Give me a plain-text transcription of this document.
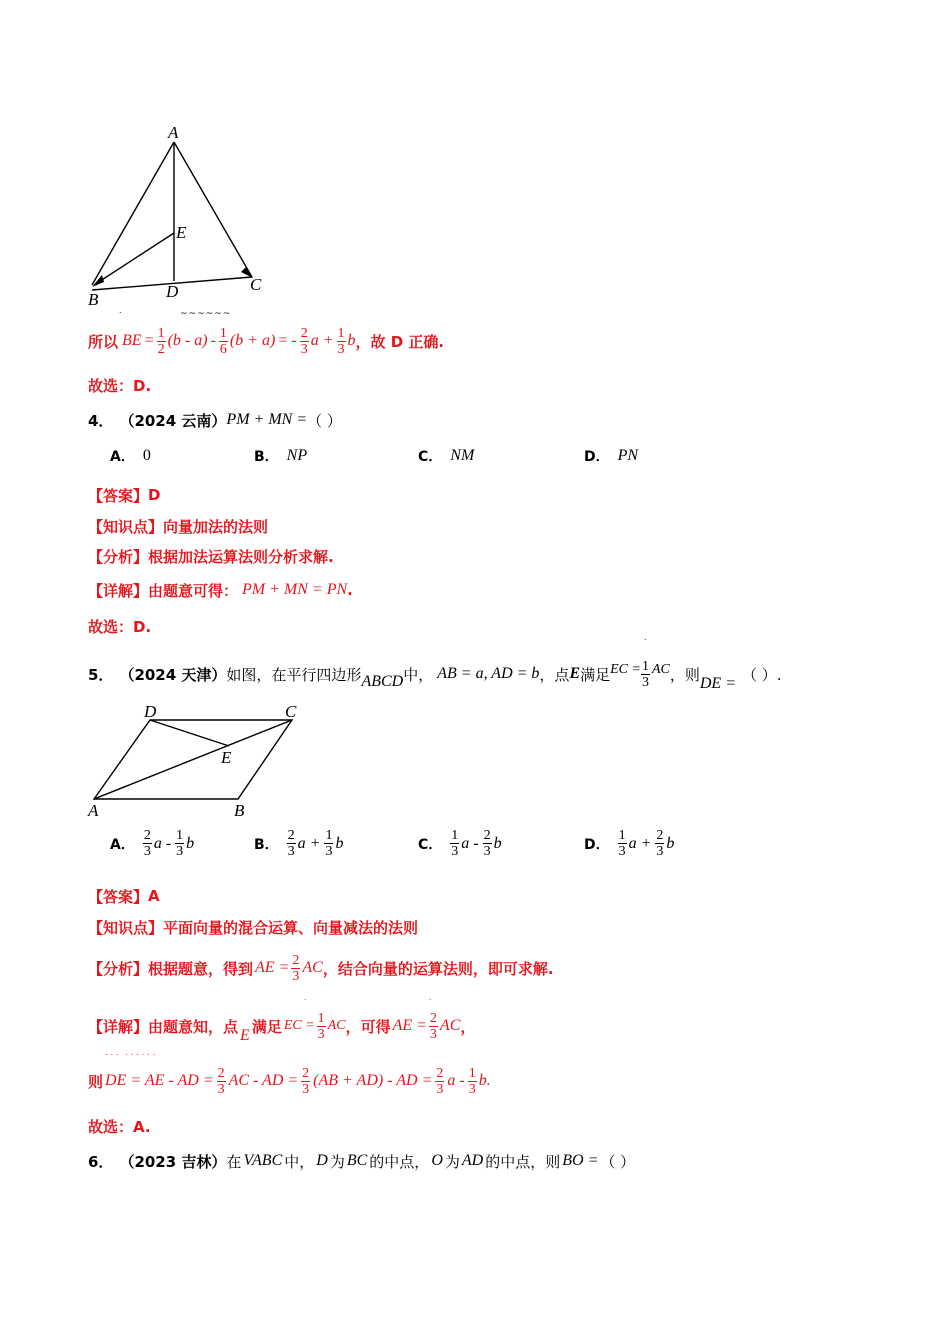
A
E
B	D	C
˙	~~~~~~
所以 BE = $\frac{1}{2} (b - a) - \frac{1}{6} (b + a)$ = - $\frac{2}{3}$ $a + \frac{1}{3}$ b ，故 D 正确.
故选：D.
4． （2024 云南） PM + MN = （ ）
A． 0	B． NP	C． NM	D． PN
【答案】 D
【知识点】 向量加法的法则
【分析】 根据加法运算法则分析求解.
【详解】 由题意可得： PM + MN = PN .
故选：D.
˙
5． （2024 天津） 如图，在平行四边形 ABCD 中， AB = a, AD = b ，点 E 满足 EC = $\frac{1}{3}$ AC ，则 DE = （ ）.
D	C
E
A	B
A． $\frac{2}{3}$ a - $\frac{1}{3}$ b	B． $\frac{2}{3}$ $a + \frac{1}{3}$ b	C． $\frac{1}{3}$ a - $\frac{2}{3}$ b	D． $\frac{1}{3}$ $a + \frac{2}{3}$ b
【答案】 A
【知识点】 平面向量的混合运算、向量减法的法则
【分析】 根据题意，得到 AE = $\frac{2}{3}$ AC ，结合向量的运算法则，即可求解.
˙	˙
【详解】 由题意知，点 E 满足 EC = $\frac{1}{3}$ AC ，可得 AE = $\frac{2}{3}$ AC ，
˙˙˙ ˙˙˙˙˙˙
则 DE = AE - AD = $\frac{2}{3}$ AC - AD = $\frac{2}{3} (AB + AD)$ - AD = $\frac{2}{3}$ a - $\frac{1}{3} b$.
故选：A.
6． （2023 吉林） 在 VABC 中， D 为 BC 的中点， O 为 AD 的中点，则 BO = （ ）
